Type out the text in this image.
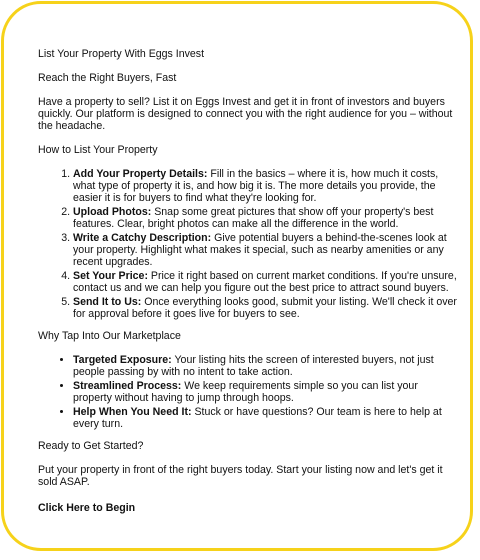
List Your Property With Eggs Invest

Reach the Right Buyers, Fast

Have a property to sell? List it on Eggs Invest and get it in front of investors and buyers quickly. Our platform is designed to connect you with the right audience for you – without the headache.

How to List Your Property

1. Add Your Property Details: Fill in the basics – where it is, how much it costs, what type of property it is, and how big it is. The more details you provide, the easier it is for buyers to find what they're looking for.
2. Upload Photos: Snap some great pictures that show off your property's best features. Clear, bright photos can make all the difference in the world.
3. Write a Catchy Description: Give potential buyers a behind-the-scenes look at your property. Highlight what makes it special, such as nearby amenities or any recent upgrades.
4. Set Your Price: Price it right based on current market conditions. If you're unsure, contact us and we can help you figure out the best price to attract sound buyers.
5. Send It to Us: Once everything looks good, submit your listing. We'll check it over for approval before it goes live for buyers to see.

Why Tap Into Our Marketplace

• Targeted Exposure: Your listing hits the screen of interested buyers, not just people passing by with no intent to take action.
• Streamlined Process: We keep requirements simple so you can list your property without having to jump through hoops.
• Help When You Need It: Stuck or have questions? Our team is here to help at every turn.

Ready to Get Started?

Put your property in front of the right buyers today. Start your listing now and let's get it sold ASAP.

Click Here to Begin
